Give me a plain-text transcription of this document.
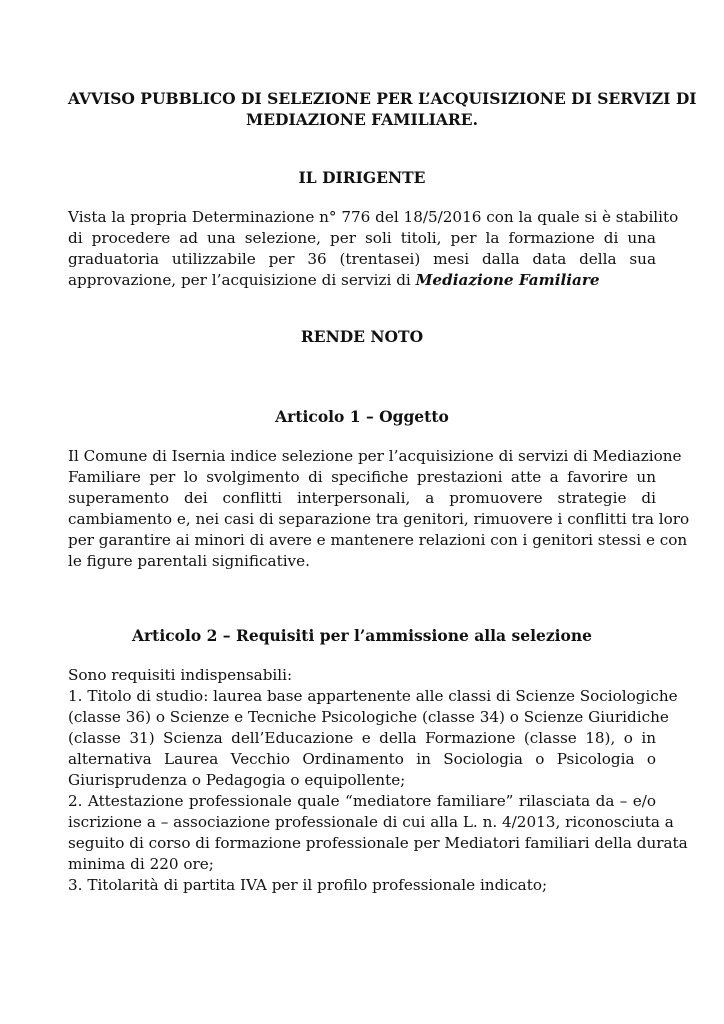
AVVISO PUBBLICO DI SELEZIONE PER L’ACQUISIZIONE DI SERVIZI DI
MEDIAZIONE FAMILIARE.
IL DIRIGENTE
Vista la propria Determinazione n° 776 del 18/5/2016 con la quale si è stabilito
di procedere ad una selezione, per soli titoli, per la formazione di una
graduatoria utilizzabile per 36 (trentasei) mesi dalla data della sua
approvazione, per l’acquisizione di servizi di Mediazione Familiare
RENDE NOTO
Articolo 1 – Oggetto
Il Comune di Isernia indice selezione per l’acquisizione di servizi di Mediazione
Familiare per lo svolgimento di specifiche prestazioni atte a favorire un
superamento dei conflitti interpersonali, a promuovere strategie di
cambiamento e, nei casi di separazione tra genitori, rimuovere i conflitti tra loro
per garantire ai minori di avere e mantenere relazioni con i genitori stessi e con
le figure parentali significative.
Articolo 2 – Requisiti per l’ammissione alla selezione
Sono requisiti indispensabili:
1. Titolo di studio: laurea base appartenente alle classi di Scienze Sociologiche
(classe 36) o Scienze e Tecniche Psicologiche (classe 34) o Scienze Giuridiche
(classe 31) Scienza dell’Educazione e della Formazione (classe 18), o in
alternativa Laurea Vecchio Ordinamento in Sociologia o Psicologia o
Giurisprudenza o Pedagogia o equipollente;
2. Attestazione professionale quale “mediatore familiare” rilasciata da – e/o
iscrizione a – associazione professionale di cui alla L. n. 4/2013, riconosciuta a
seguito di corso di formazione professionale per Mediatori familiari della durata
minima di 220 ore;
3. Titolarità di partita IVA per il profilo professionale indicato;
